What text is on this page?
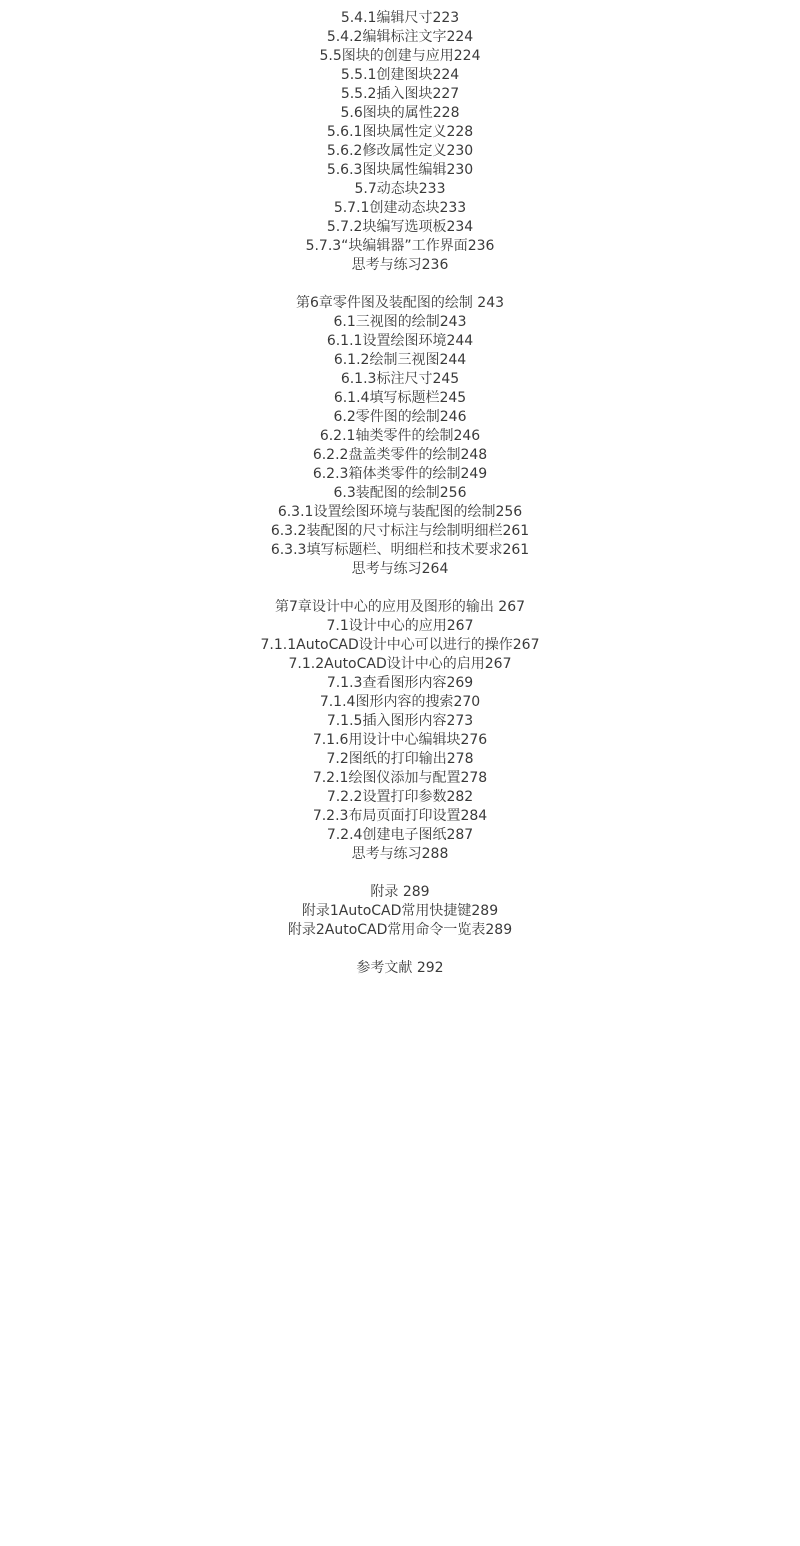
5.4.1编辑尺寸223
5.4.2编辑标注文字224
5.5图块的创建与应用224
5.5.1创建图块224
5.5.2插入图块227
5.6图块的属性228
5.6.1图块属性定义228
5.6.2修改属性定义230
5.6.3图块属性编辑230
5.7动态块233
5.7.1创建动态块233
5.7.2块编写选项板234
5.7.3“块编辑器”工作界面236
思考与练习236
第6章零件图及装配图的绘制 243
6.1三视图的绘制243
6.1.1设置绘图环境244
6.1.2绘制三视图244
6.1.3标注尺寸245
6.1.4填写标题栏245
6.2零件图的绘制246
6.2.1轴类零件的绘制246
6.2.2盘盖类零件的绘制248
6.2.3箱体类零件的绘制249
6.3装配图的绘制256
6.3.1设置绘图环境与装配图的绘制256
6.3.2装配图的尺寸标注与绘制明细栏261
6.3.3填写标题栏、明细栏和技术要求261
思考与练习264
第7章设计中心的应用及图形的输出 267
7.1设计中心的应用267
7.1.1AutoCAD设计中心可以进行的操作267
7.1.2AutoCAD设计中心的启用267
7.1.3查看图形内容269
7.1.4图形内容的搜索270
7.1.5插入图形内容273
7.1.6用设计中心编辑块276
7.2图纸的打印输出278
7.2.1绘图仪添加与配置278
7.2.2设置打印参数282
7.2.3布局页面打印设置284
7.2.4创建电子图纸287
思考与练习288
附录 289
附录1AutoCAD常用快捷键289
附录2AutoCAD常用命令一览表289
参考文献 292
